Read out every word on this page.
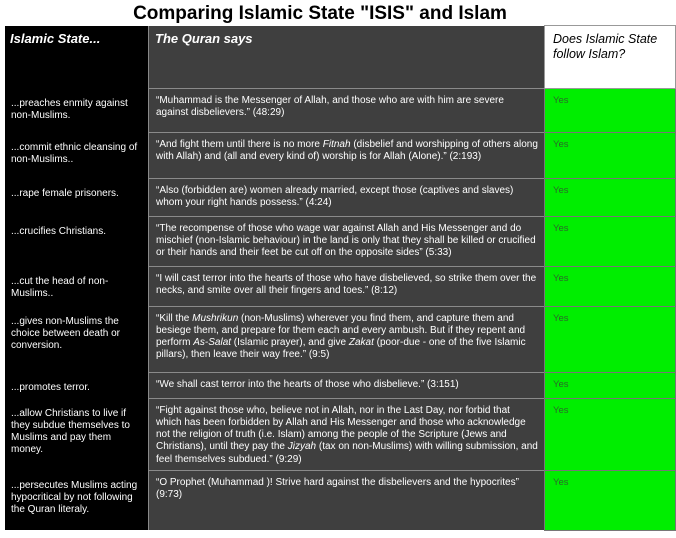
Comparing Islamic State "ISIS" and Islam
Islamic State...	The Quran says	Does Islamic State follow Islam?
...preaches enmity against non-Muslims.	“Muhammad is the Messenger of Allah, and those who are with him are severe against disbelievers.” (48:29)	Yes
...commit ethnic cleansing of non-Muslims..	“And fight them until there is no more Fitnah (disbelief and worshipping of others along with Allah) and (all and every kind of) worship is for Allah (Alone).” (2:193)	Yes
...rape female prisoners.	“Also (forbidden are) women already married, except those (captives and slaves) whom your right hands possess.” (4:24)	Yes
...crucifies Christians.	“The recompense of those who wage war against Allah and His Messenger and do mischief (non-Islamic behaviour) in the land is only that they shall be killed or crucified or their hands and their feet be cut off on the opposite sides” (5:33)	Yes
...cut the head of non-Muslims..	“I will cast terror into the hearts of those who have disbelieved, so strike them over the necks, and smite over all their fingers and toes.” (8:12)	Yes
...gives non-Muslims the choice between death or conversion.	“Kill the Mushrikun (non-Muslims) wherever you find them, and capture them and besiege them, and prepare for them each and every ambush. But if they repent and perform As-Salat (Islamic prayer), and give Zakat (poor-due - one of the five Islamic pillars), then leave their way free.” (9:5)	Yes
...promotes terror.	“We shall cast terror into the hearts of those who disbelieve.” (3:151)	Yes
...allow Christians to live if they subdue themselves to Muslims and pay them money.	“Fight against those who, believe not in Allah, nor in the Last Day, nor forbid that which has been forbidden by Allah and His Messenger and those who acknowledge not the religion of truth (i.e. Islam) among the people of the Scripture (Jews and Christians), until they pay the Jizyah (tax on non-Muslims) with willing submission, and feel themselves subdued.” (9:29)	Yes
...persecutes Muslims acting hypocritical by not following the Quran literaly.	“O Prophet (Muhammad )! Strive hard against the disbelievers and the hypocrites” (9:73)	Yes
